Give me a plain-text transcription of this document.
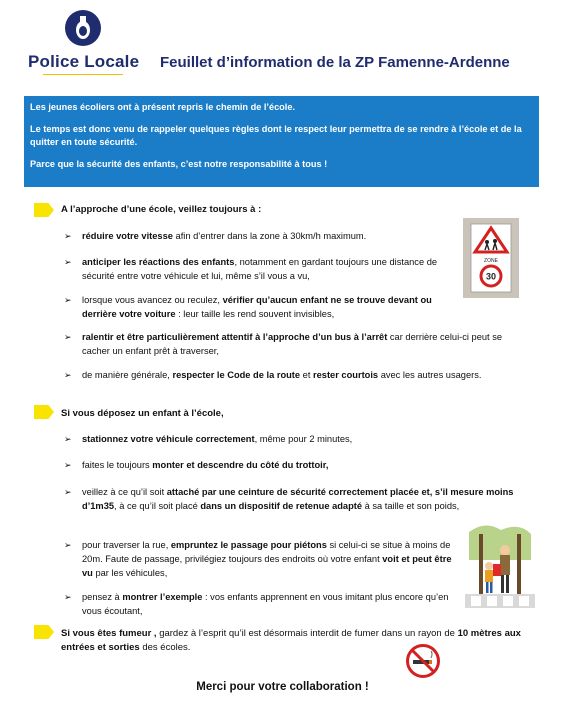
Police Locale Feuillet d’information de la ZP Famenne-Ardenne

Les jeunes écoliers ont à présent repris le chemin de l’école.

Le temps est donc venu de rappeler quelques règles dont le respect leur permettra de se rendre à l’école et de la quitter en toute sécurité.

Parce que la sécurité des enfants, c’est notre responsabilité à tous !

A l’approche d’une école, veillez toujours à :
➢ réduire votre vitesse afin d’entrer dans la zone à 30km/h maximum.
➢ anticiper les réactions des enfants, notamment en gardant toujours une distance de sécurité entre votre véhicule et lui, même s’il vous a vu,
➢ lorsque vous avancez ou reculez, vérifier qu’aucun enfant ne se trouve devant ou derrière votre voiture : leur taille les rend souvent invisibles,
➢ ralentir et être particulièrement attentif à l’approche d’un bus à l’arrêt car derrière celui-ci peut se cacher un enfant prêt à traverser,
➢ de manière générale, respecter le Code de la route et rester courtois avec les autres usagers.
ZONE
30
Si vous déposez un enfant à l’école,
➢ stationnez votre véhicule correctement, même pour 2 minutes,
➢ faites le toujours monter et descendre du côté du trottoir,
➢ veillez à ce qu’il soit attaché par une ceinture de sécurité correctement placée et, s’il mesure moins d’1m35, à ce qu’il soit placé dans un dispositif de retenue adapté à sa taille et son poids,
➢ pour traverser la rue, empruntez le passage pour piétons si celui-ci se situe à moins de 20m. Faute de passage, privilégiez toujours des endroits où votre enfant voit et peut être vu par les véhicules,
➢ pensez à montrer l’exemple : vos enfants apprennent en vous imitant plus encore qu’en vous écoutant,
Si vous êtes fumeur , gardez à l’esprit qu’il est désormais interdit de fumer dans un rayon de 10 mètres aux entrées et sorties des écoles.
Merci pour votre collaboration !
